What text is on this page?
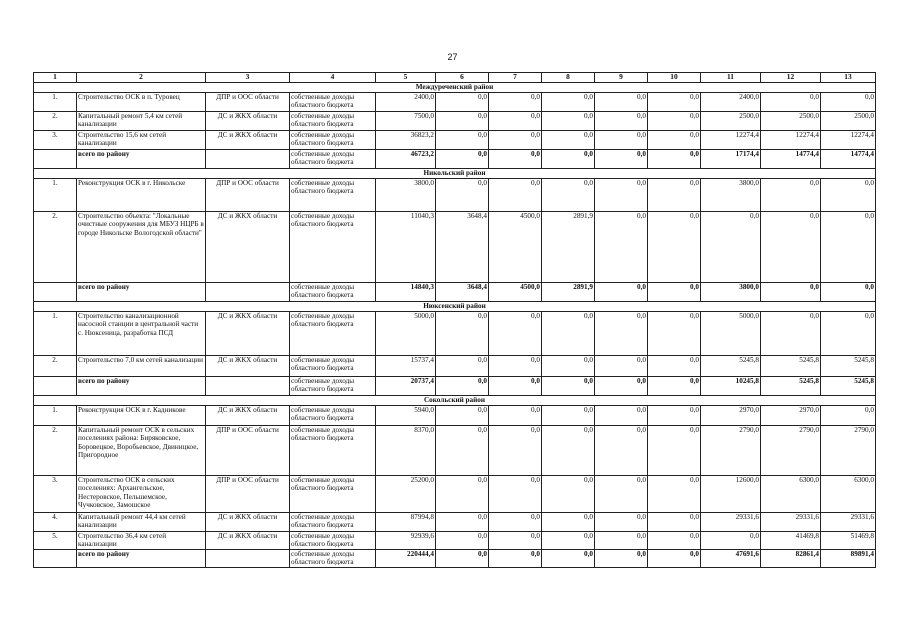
27
1	2	3	4	5	6	7	8	9	10	11	12	13
Междуреченский район												
1.	Строительство ОСК в п. Туровец	ДПР и ООС области	собственные доходы областного бюджета	2400,0	0,0	0,0	0,0	0,0	0,0	2400,0	0,0	0,0
2.	Капитальный ремонт 5,4 км сетей канализации	ДС и ЖКХ области	собственные доходы областного бюджета	7500,0	0,0	0,0	0,0	0,0	0,0	2500,0	2500,0	2500,0
3.	Строительство 15,6 км сетей канализации	ДС и ЖКХ области	собственные доходы областного бюджета	36823,2	0,0	0,0	0,0	0,0	0,0	12274,4	12274,4	12274,4
	всего по району		собственные доходы областного бюджета	46723,2	0,0	0,0	0,0	0,0	0,0	17174,4	14774,4	14774,4
Никольский район												
1.	Реконструкция ОСК в г. Никольске	ДПР и ООС области	собственные доходы областного бюджета	3800,0	0,0	0,0	0,0	0,0	0,0	3800,0	0,0	0,0
2.	Строительство объекта: "Локальные очистные сооружения для МБУЗ НЦРБ в городе Никольске Вологодской области"	ДС и ЖКХ области	собственные доходы областного бюджета	11040,3	3648,4	4500,0	2891,9	0,0	0,0	0,0	0,0	0,0
	всего по району		собственные доходы областного бюджета	14840,3	3648,4	4500,0	2891,9	0,0	0,0	3800,0	0,0	0,0
Нюксенский район												
1.	Строительство канализационной насосной станции в центральной части с. Нюксеница, разработка ПСД	ДС и ЖКХ области	собственные доходы областного бюджета	5000,0	0,0	0,0	0,0	0,0	0,0	5000,0	0,0	0,0
2.	Строительство 7,0 км сетей канализации	ДС и ЖКХ области	собственные доходы областного бюджета	15737,4	0,0	0,0	0,0	0,0	0,0	5245,8	5245,8	5245,8
	всего по району		собственные доходы областного бюджета	20737,4	0,0	0,0	0,0	0,0	0,0	10245,8	5245,8	5245,8
Сокольский район												
1.	Реконструкция ОСК в г. Кадникове	ДС и ЖКХ области	собственные доходы областного бюджета	5940,0	0,0	0,0	0,0	0,0	0,0	2970,0	2970,0	0,0
2.	Капитальный ремонт ОСК в сельских поселениях района: Биряковское, Боровецкое, Воробьевское, Двиницкое, Пригородное	ДПР и ООС области	собственные доходы областного бюджета	8370,0	0,0	0,0	0,0	0,0	0,0	2790,0	2790,0	2790,0
3.	Строительство ОСК в сельских поселениях: Архангельское, Нестеровское, Пельшемское, Чучковское, Замошское	ДПР и ООС области	собственные доходы областного бюджета	25200,0	0,0	0,0	0,0	0,0	0,0	12600,0	6300,0	6300,0
4.	Капитальный ремонт 44,4 км сетей канализации	ДС и ЖКХ области	собственные доходы областного бюджета	87994,8	0,0	0,0	0,0	0,0	0,0	29331,6	29331,6	29331,6
5.	Строительство 36,4 км сетей канализации	ДС и ЖКХ области	собственные доходы областного бюджета	92939,6	0,0	0,0	0,0	0,0	0,0	0,0	41469,8	51469,8
	всего по району		собственные доходы областного бюджета	220444,4	0,0	0,0	0,0	0,0	0,0	47691,6	82861,4	89891,4
